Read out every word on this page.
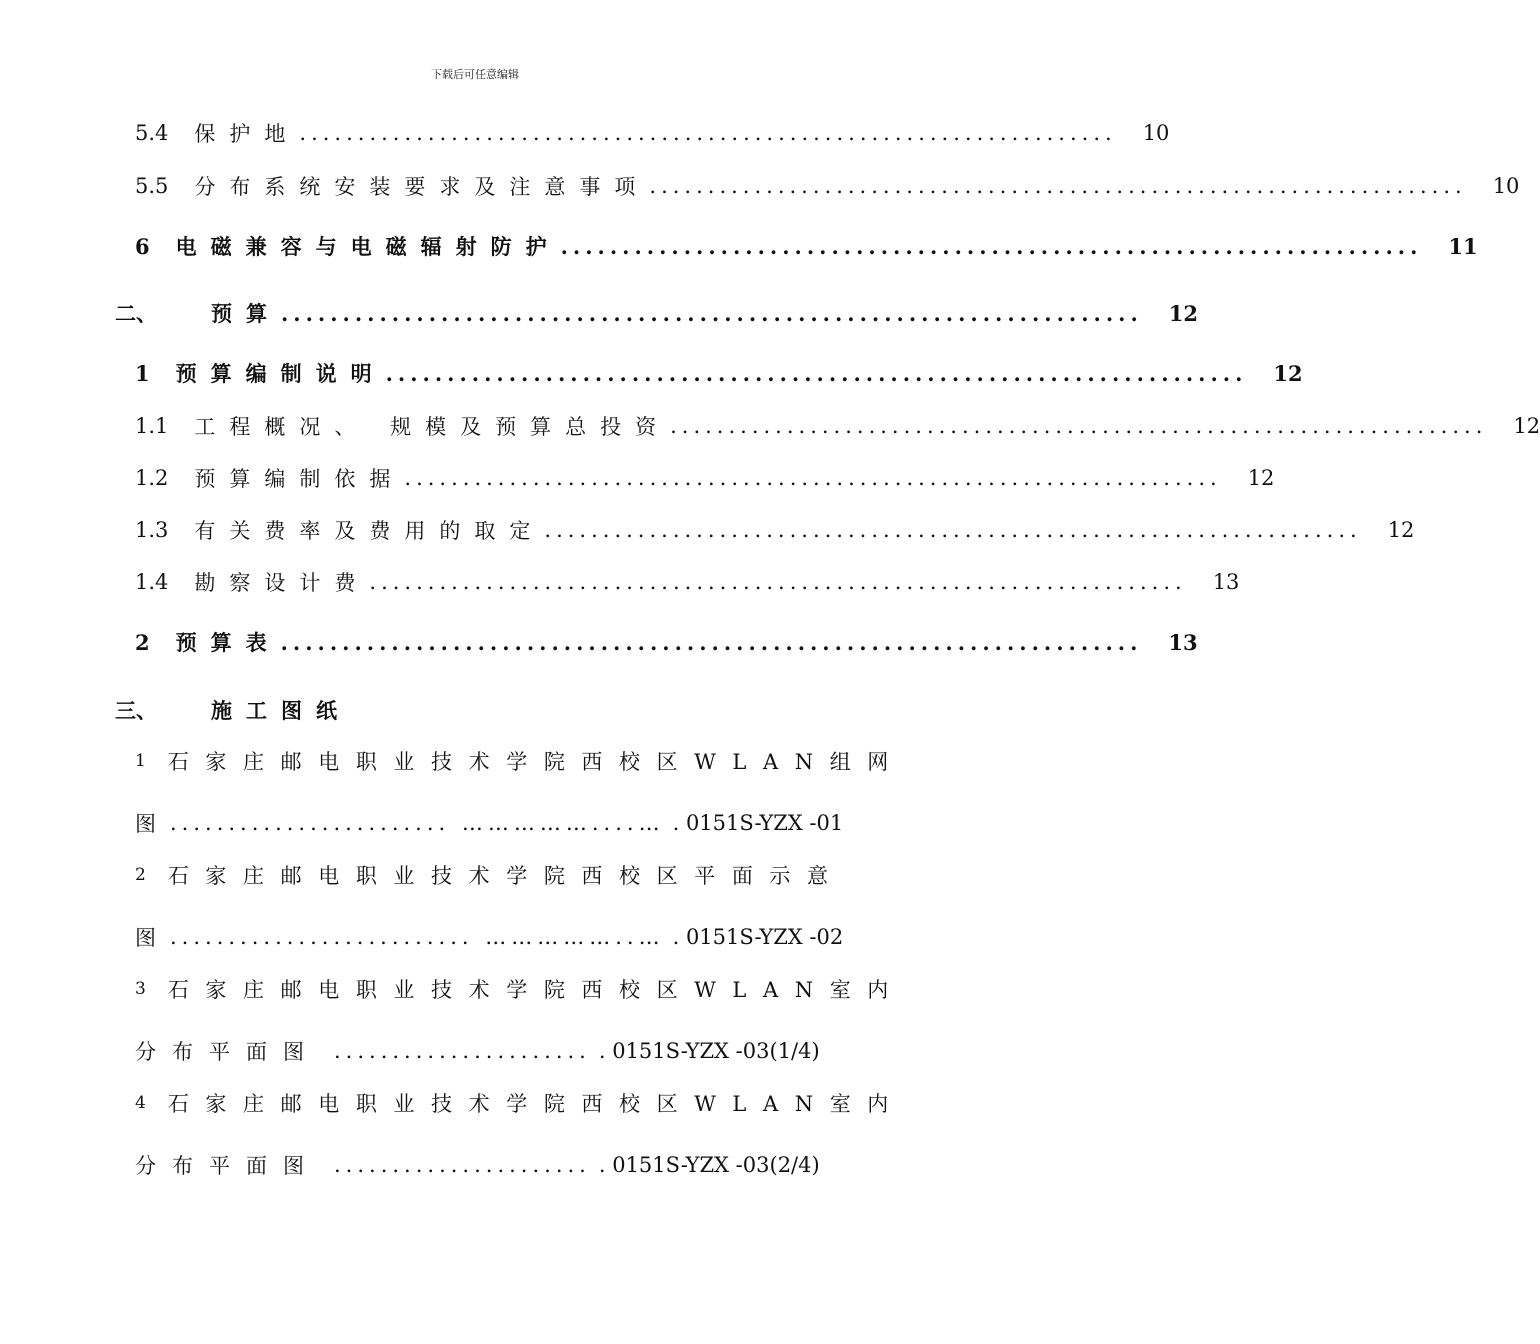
下载后可任意编辑
5.4 保护地 ...................................................................... 10
5.5 分布系统安装要求及注意事项 ...................................................................... 10
6 电磁兼容与电磁辐射防护 ...................................................................... 11
二、	预算 ...................................................................... 12
1 预算编制说明 ...................................................................... 12
1.1 工程概况、 规模及预算总投资 ...................................................................... 12
1.2 预算编制依据 ...................................................................... 12
1.3 有关费率及费用的取定 ...................................................................... 12
1.4 勘察设计费 ...................................................................... 13
2 预算表 ...................................................................... 13
三、	施工图纸
1 石家庄邮电职业技术学院西校区WLAN组网
图 ........................ ……………....… . 0151S-YZX -01
2 石家庄邮电职业技术学院西校区平面示意
图 .......................... ……………..… . 0151S-YZX -02
3 石家庄邮电职业技术学院西校区WLAN室内
分布平面图 ...................... . 0151S-YZX -03(1/4)
4 石家庄邮电职业技术学院西校区WLAN室内
分布平面图 ...................... . 0151S-YZX -03(2/4)
